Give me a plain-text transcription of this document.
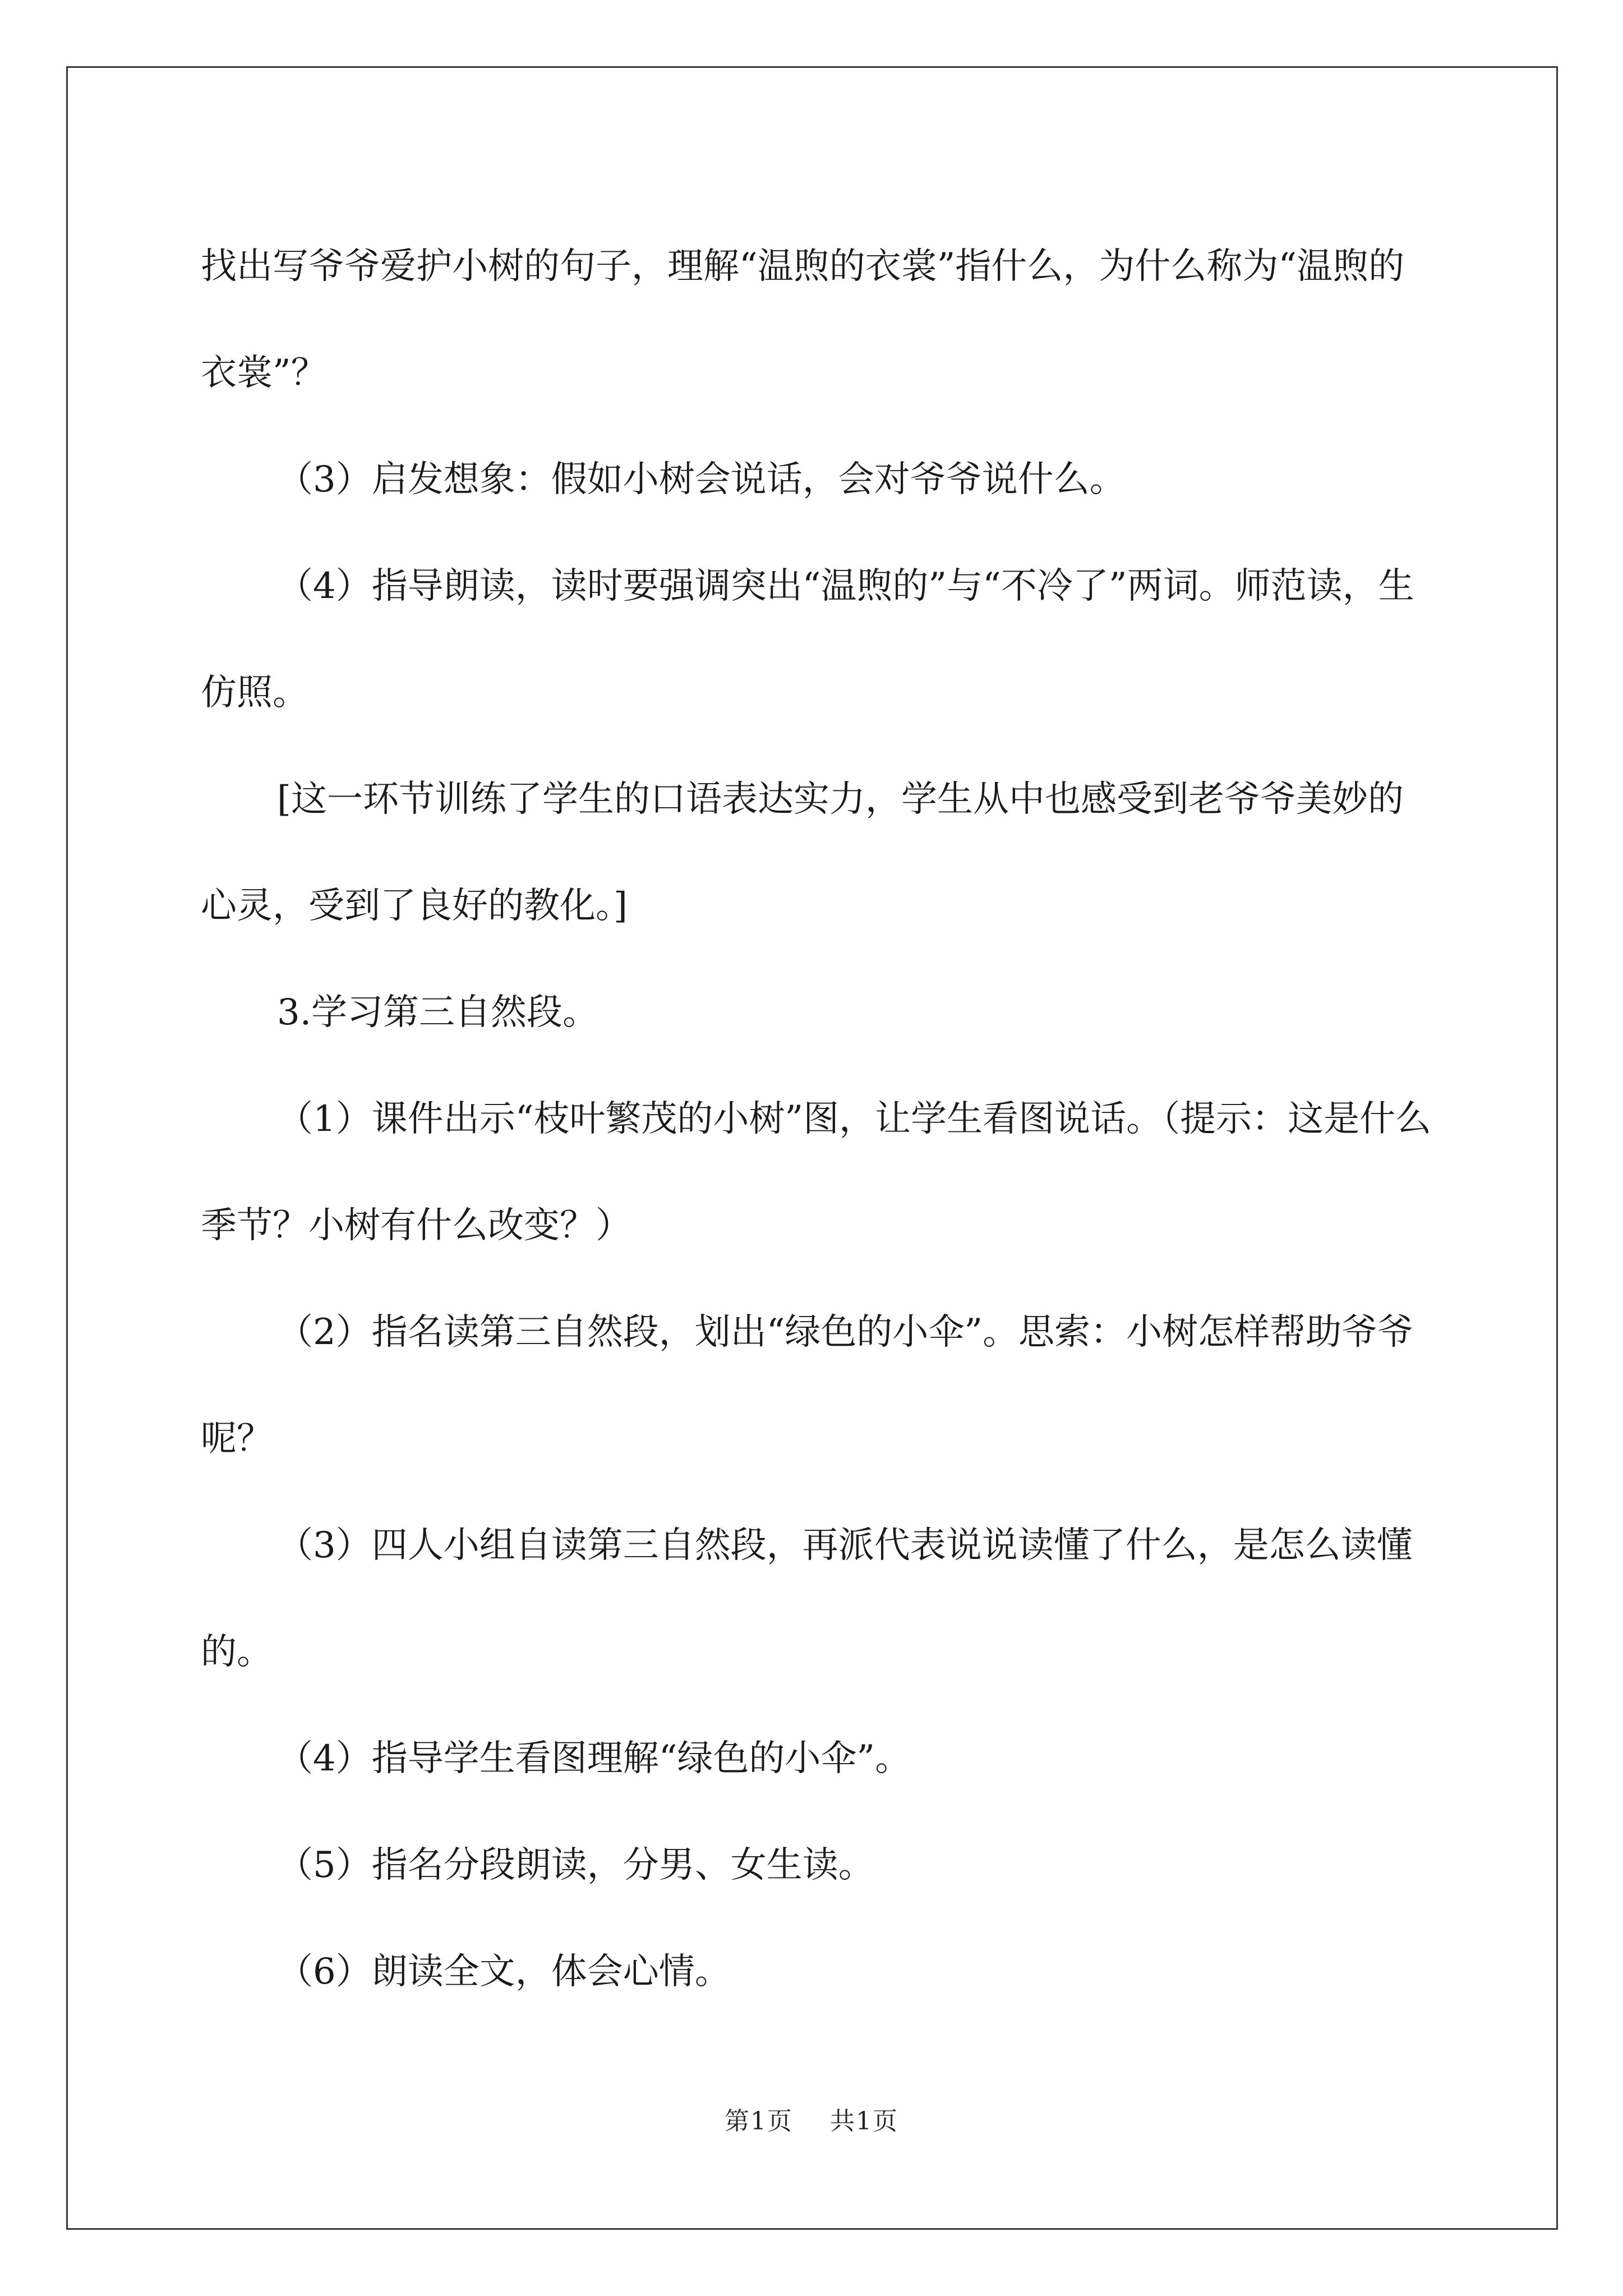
找出写爷爷爱护小树的句子，理解“温煦的衣裳”指什么，为什么称为“温煦的衣裳”？

（3）启发想象：假如小树会说话，会对爷爷说什么。

（4）指导朗读，读时要强调突出“温煦的”与“不冷了”两词。师范读，生仿照。

[这一环节训练了学生的口语表达实力，学生从中也感受到老爷爷美妙的心灵，受到了良好的教化。]

3.学习第三自然段。

（1）课件出示“枝叶繁茂的小树”图，让学生看图说话。（提示：这是什么季节？小树有什么改变？）

（2）指名读第三自然段，划出“绿色的小伞”。思索：小树怎样帮助爷爷呢？

（3）四人小组自读第三自然段，再派代表说说读懂了什么，是怎么读懂的。

（4）指导学生看图理解“绿色的小伞”。

（5）指名分段朗读，分男、女生读。

（6）朗读全文，体会心情。

第1页 共1页
